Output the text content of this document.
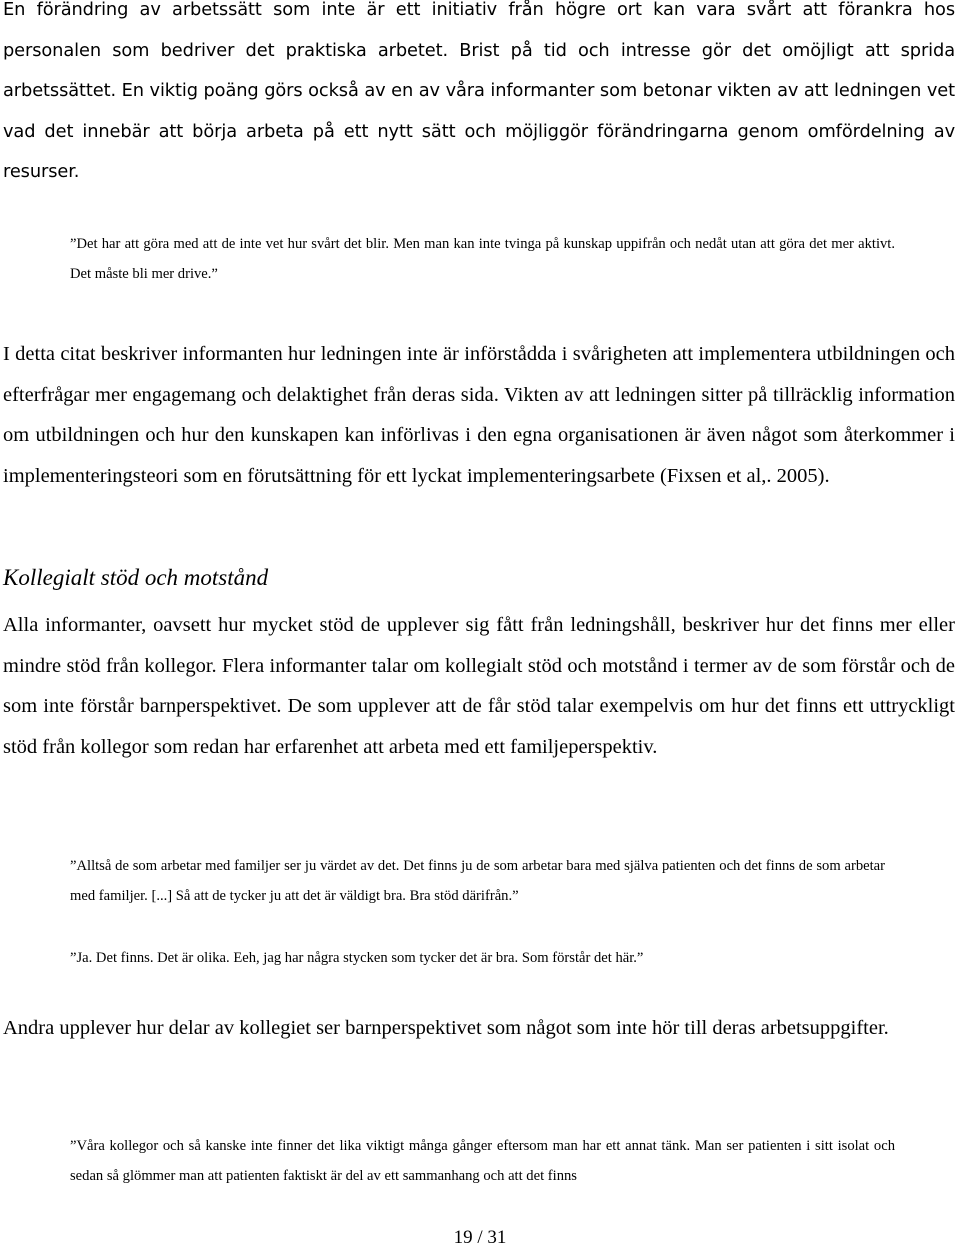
En förändring av arbetssätt som inte är ett initiativ från högre ort kan vara svårt att förankra hos personalen som bedriver det praktiska arbetet. Brist på tid och intresse gör det omöjligt att sprida arbetssättet. En viktig poäng görs också av en av våra informanter som betonar vikten av att ledningen vet vad det innebär att börja arbeta på ett nytt sätt och möjliggör förändringarna genom omfördelning av resurser.

”Det har att göra med att de inte vet hur svårt det blir. Men man kan inte tvinga på kunskap uppifrån och nedåt utan att göra det mer aktivt. Det måste bli mer drive.”

I detta citat beskriver informanten hur ledningen inte är införstådda i svårigheten att implementera utbildningen och efterfrågar mer engagemang och delaktighet från deras sida. Vikten av att ledningen sitter på tillräcklig information om utbildningen och hur den kunskapen kan införlivas i den egna organisationen är även något som återkommer i implementeringsteori som en förutsättning för ett lyckat implementeringsarbete (Fixsen et al,. 2005).

Kollegialt stöd och motstånd

Alla informanter, oavsett hur mycket stöd de upplever sig fått från ledningshåll, beskriver hur det finns mer eller mindre stöd från kollegor. Flera informanter talar om kollegialt stöd och motstånd i termer av de som förstår och de som inte förstår barnperspektivet. De som upplever att de får stöd talar exempelvis om hur det finns ett uttryckligt stöd från kollegor som redan har erfarenhet att arbeta med ett familjeperspektiv.

”Alltså de som arbetar med familjer ser ju värdet av det. Det finns ju de som arbetar bara med själva patienten och det finns de som arbetar med familjer. [...] Så att de tycker ju att det är väldigt bra. Bra stöd därifrån.”

”Ja. Det finns. Det är olika. Eeh, jag har några stycken som tycker det är bra. Som förstår det här.”

Andra upplever hur delar av kollegiet ser barnperspektivet som något som inte hör till deras arbetsuppgifter.

”Våra kollegor och så kanske inte finner det lika viktigt många gånger eftersom man har ett annat tänk. Man ser patienten i sitt isolat och sedan så glömmer man att patienten faktiskt är del av ett sammanhang och att det finns

19 / 31
